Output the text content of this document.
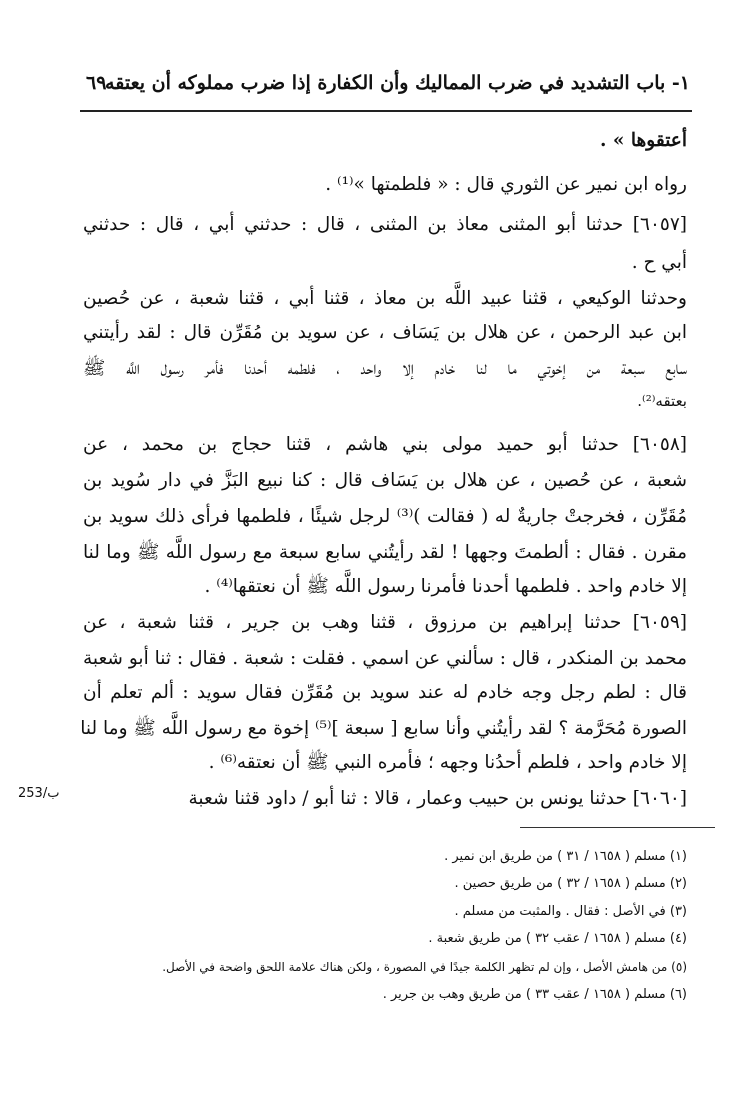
١- باب التشديد في ضرب المماليك وأن الكفارة إذا ضرب مملوكه أن يعتقه
٦٩
أعتقوها » .
رواه ابن نمير عن الثوري قال : « فلطمتها »⁽¹⁾ .
[٦٠٥٧] حدثنا أبو المثنى معاذ بن المثنى ، قال : حدثني أبي ، قال : حدثني
أبي ح .
وحدثنا الوكيعي ، قثنا عبيد اللَّه بن معاذ ، قثنا أبي ، قثنا شعبة ، عن حُصين
ابن عبد الرحمن ، عن هلال بن يَسَاف ، عن سويد بن مُقَرِّن قال : لقد رأيتني
سابع سبعة من إخوتي ما لنا خادم إلا واحد ، فلطمه أحدنا فأمر رسول اللَّه ﷺ
بعتقه⁽²⁾.
[٦٠٥٨] حدثنا أبو حميد مولى بني هاشم ، قثنا حجاج بن محمد ، عن
شعبة ، عن حُصين ، عن هلال بن يَسَاف قال : كنا نبيع البَزَّ في دار سُويد بن
مُقَرِّن ، فخرجتْ جاريةٌ له ( فقالت )⁽³⁾ لرجل شيئًا ، فلطمها فرأى ذلك سويد بن
مقرن . فقال : ألطمتَ وجهها ! لقد رأيتُني سابع سبعة مع رسول اللَّه ﷺ وما لنا
إلا خادم واحد . فلطمها أحدنا فأمرنا رسول اللَّه ﷺ أن نعتقها⁽⁴⁾ .
[٦٠٥٩] حدثنا إبراهيم بن مرزوق ، قثنا وهب بن جرير ، قثنا شعبة ، عن
محمد بن المنكدر ، قال : سألني عن اسمي . فقلت : شعبة . فقال : ثنا أبو شعبة
قال : لطم رجل وجه خادم له عند سويد بن مُقَرِّن فقال سويد : ألم تعلم أن
الصورة مُحَرَّمة ؟ لقد رأيتُني وأنا سابع [ سبعة ]⁽⁵⁾ إخوة مع رسول اللَّه ﷺ وما لنا
إلا خادم واحد ، فلطم أحدُنا وجهه ؛ فأمره النبي ﷺ أن نعتقه⁽⁶⁾ .
[٦٠٦٠] حدثنا يونس بن حبيب وعمار ، قالا : ثنا أبو / داود قثنا شعبة
253/ب
(١) مسلم ( ١٦٥٨ / ٣١ ) من طريق ابن نمير .
(٢) مسلم ( ١٦٥٨ / ٣٢ ) من طريق حصين .
(٣) في الأصل : فقال . والمثبت من مسلم .
(٤) مسلم ( ١٦٥٨ / عقب ٣٢ ) من طريق شعبة .
(٥) من هامش الأصل ، وإن لم تظهر الكلمة جيدًا في المصورة ، ولكن هناك علامة اللحق واضحة في الأصل.
(٦) مسلم ( ١٦٥٨ / عقب ٣٣ ) من طريق وهب بن جرير .
